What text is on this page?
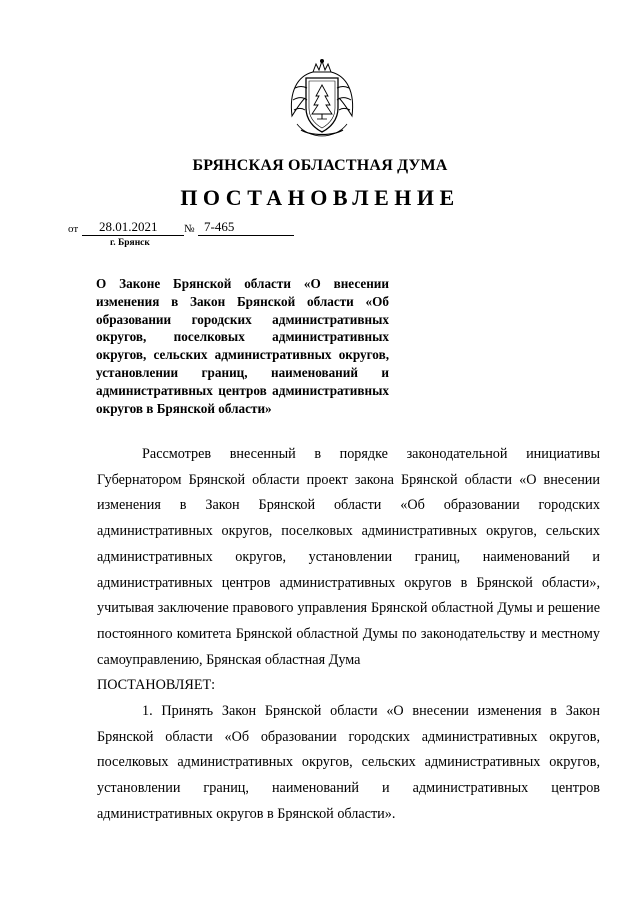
БРЯНСКАЯ ОБЛАСТНАЯ ДУМА
ПОСТАНОВЛЕНИЕ
от 28.01.2021 № 7-465
г. Брянск
О Законе Брянской области «О внесении изменения в Закон Брянской области «Об образовании городских административных округов, поселковых административных округов, сельских административных округов, установлении границ, наименований и административных центров административных округов в Брянской области»

Рассмотрев внесенный в порядке законодательной инициативы Губернатором Брянской области проект закона Брянской области «О внесении изменения в Закон Брянской области «Об образовании городских административных округов, поселковых административных округов, сельских административных округов, установлении границ, наименований и административных центров административных округов в Брянской области», учитывая заключение правового управления Брянской областной Думы и решение постоянного комитета Брянской областной Думы по законодательству и местному самоуправлению, Брянская областная Дума

ПОСТАНОВЛЯЕТ:

1. Принять Закон Брянской области «О внесении изменения в Закон Брянской области «Об образовании городских административных округов, поселковых административных округов, сельских административных округов, установлении границ, наименований и административных центров административных округов в Брянской области».
